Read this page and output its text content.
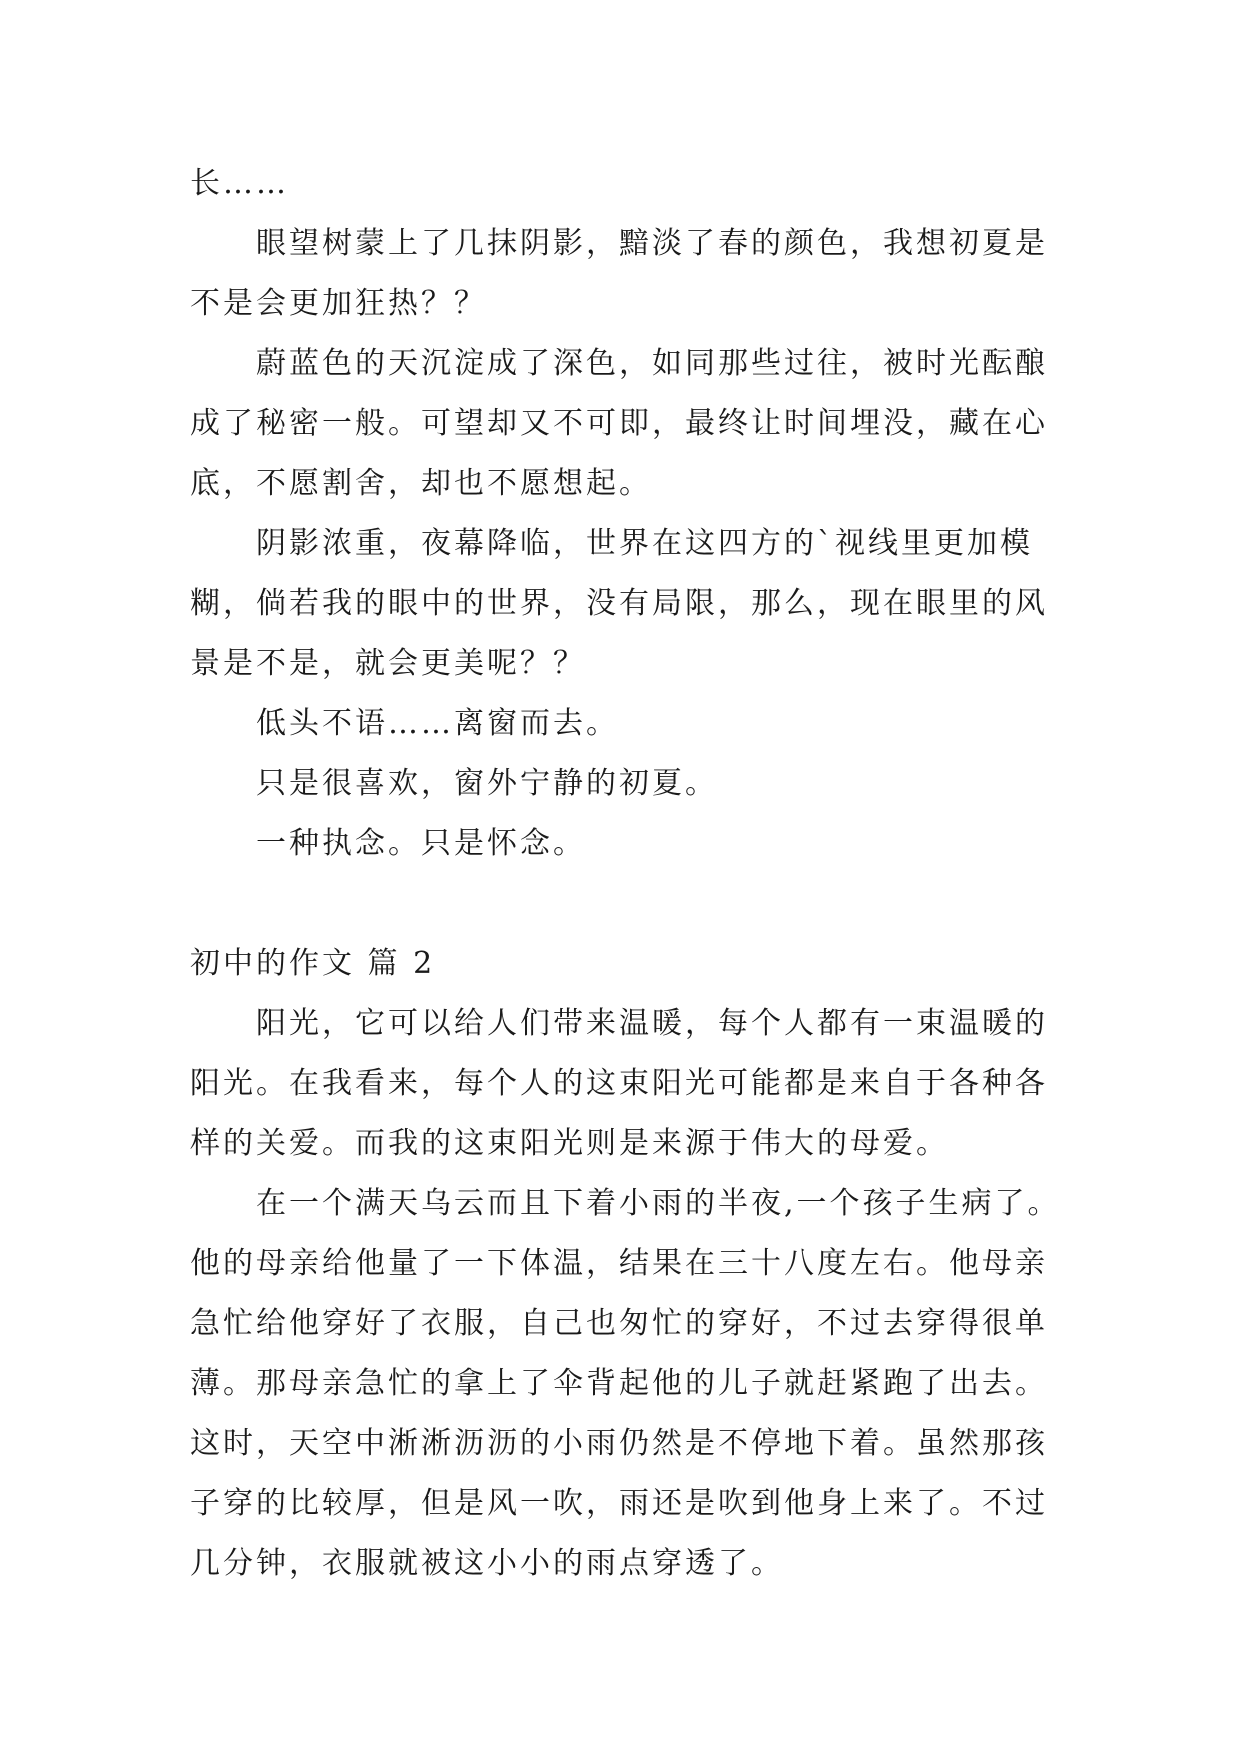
长……
眼望树蒙上了几抹阴影，黯淡了春的颜色，我想初夏是
不是会更加狂热？？
蔚蓝色的天沉淀成了深色，如同那些过往，被时光酝酿
成了秘密一般。可望却又不可即，最终让时间埋没，藏在心
底，不愿割舍，却也不愿想起。
阴影浓重，夜幕降临，世界在这四方的`视线里更加模
糊，倘若我的眼中的世界，没有局限，那么，现在眼里的风
景是不是，就会更美呢？？
低头不语……离窗而去。
只是很喜欢，窗外宁静的初夏。
一种执念。只是怀念。
初中的作文 篇 2
阳光，它可以给人们带来温暖，每个人都有一束温暖的
阳光。在我看来，每个人的这束阳光可能都是来自于各种各
样的关爱。而我的这束阳光则是来源于伟大的母爱。
在一个满天乌云而且下着小雨的半夜,一个孩子生病了。
他的母亲给他量了一下体温，结果在三十八度左右。他母亲
急忙给他穿好了衣服，自己也匆忙的穿好，不过去穿得很单
薄。那母亲急忙的拿上了伞背起他的儿子就赶紧跑了出去。
这时，天空中淅淅沥沥的小雨仍然是不停地下着。虽然那孩
子穿的比较厚，但是风一吹，雨还是吹到他身上来了。不过
几分钟，衣服就被这小小的雨点穿透了。
